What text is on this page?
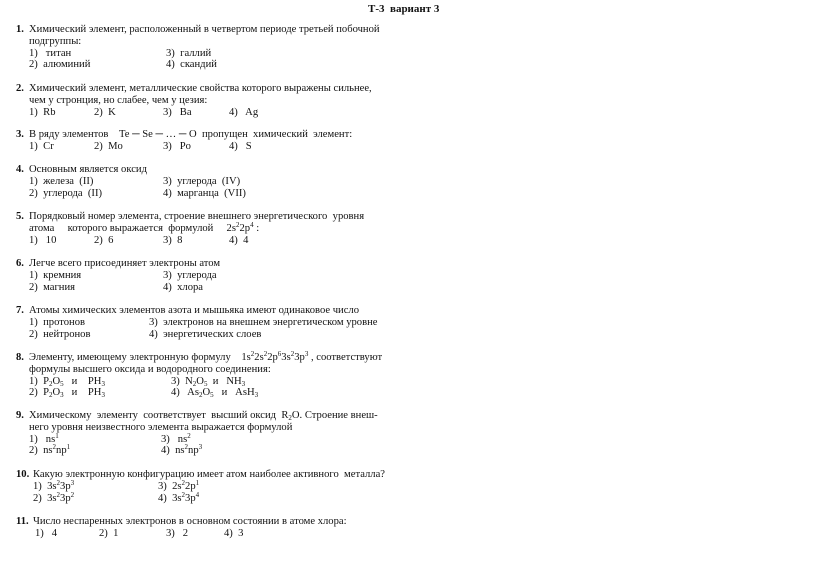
Т-3  вариант 3
1. Химический элемент, расположенный в четвертом периоде третьей побочной
подгруппы:
1)   титан	3)  галлий
2)  алюминий	4)  скандий
2. Химический элемент, металлические свойства которого выражены сильнее,
чем у стронция, но слабее, чем у цезия:
1)  Rb	2)  K	3)   Ba	4)   Ag
3. В ряду элементов    Te ─ Se ─ … ─ O  пропущен  химический  элемент:
1)  Cr	2)  Mo	3)   Po	4)   S
4. Основным является оксид
1)  железа  (II)	3)  углерода  (IV)
2)  углерода  (II)	4)  марганца  (VII)
5. Порядковый номер элемента, строение внешнего энергетического  уровня
атома     которого выражается  формулой     $2s^22p^4$ :
1)   10	2)  6	3)  8	4)  4
6. Легче всего присоединяет электроны атом
1)  кремния	3)  углерода
2)  магния	4)  хлора
7. Атомы химических элементов азота и мышьяка имеют одинаковое число
1)  протонов	3)  электронов на внешнем энергетическом уровне
2)  нейтронов	4)  энергетических слоев
8. Элементу, имеющему электронную формулу    $1s^22s^22p^63s^23p^3$ , соответствуют
формулы высшего оксида и водородного соединения:
1)  $P_2O_5$   и    $PH_3$	3)  $N_2O_5$  и   $NH_3$
2)  $P_2O_3$   и    $PH_3$	4)   $As_2O_5$   и   AsH$_3$
9. Химическому  элементу  соответствует  высший оксид  $R_2O$. Строение внеш-
него уровня неизвестного элемента выражается формулой
1)   $ns^1$	3)   $ns^2$
2)  $ns^2np^1$	4)  $ns^2np^3$
10. Какую электронную конфигурацию имеет атом наиболее активного  металла?
1)  $3s^23p^3$	3)  $2s^22p^1$
2)  $3s^23p^2$	4)  $3s^23p^4$
11. Число неспаренных электронов в основном состоянии в атоме хлора:
1)   4	2)  1	3)   2	4)  3
